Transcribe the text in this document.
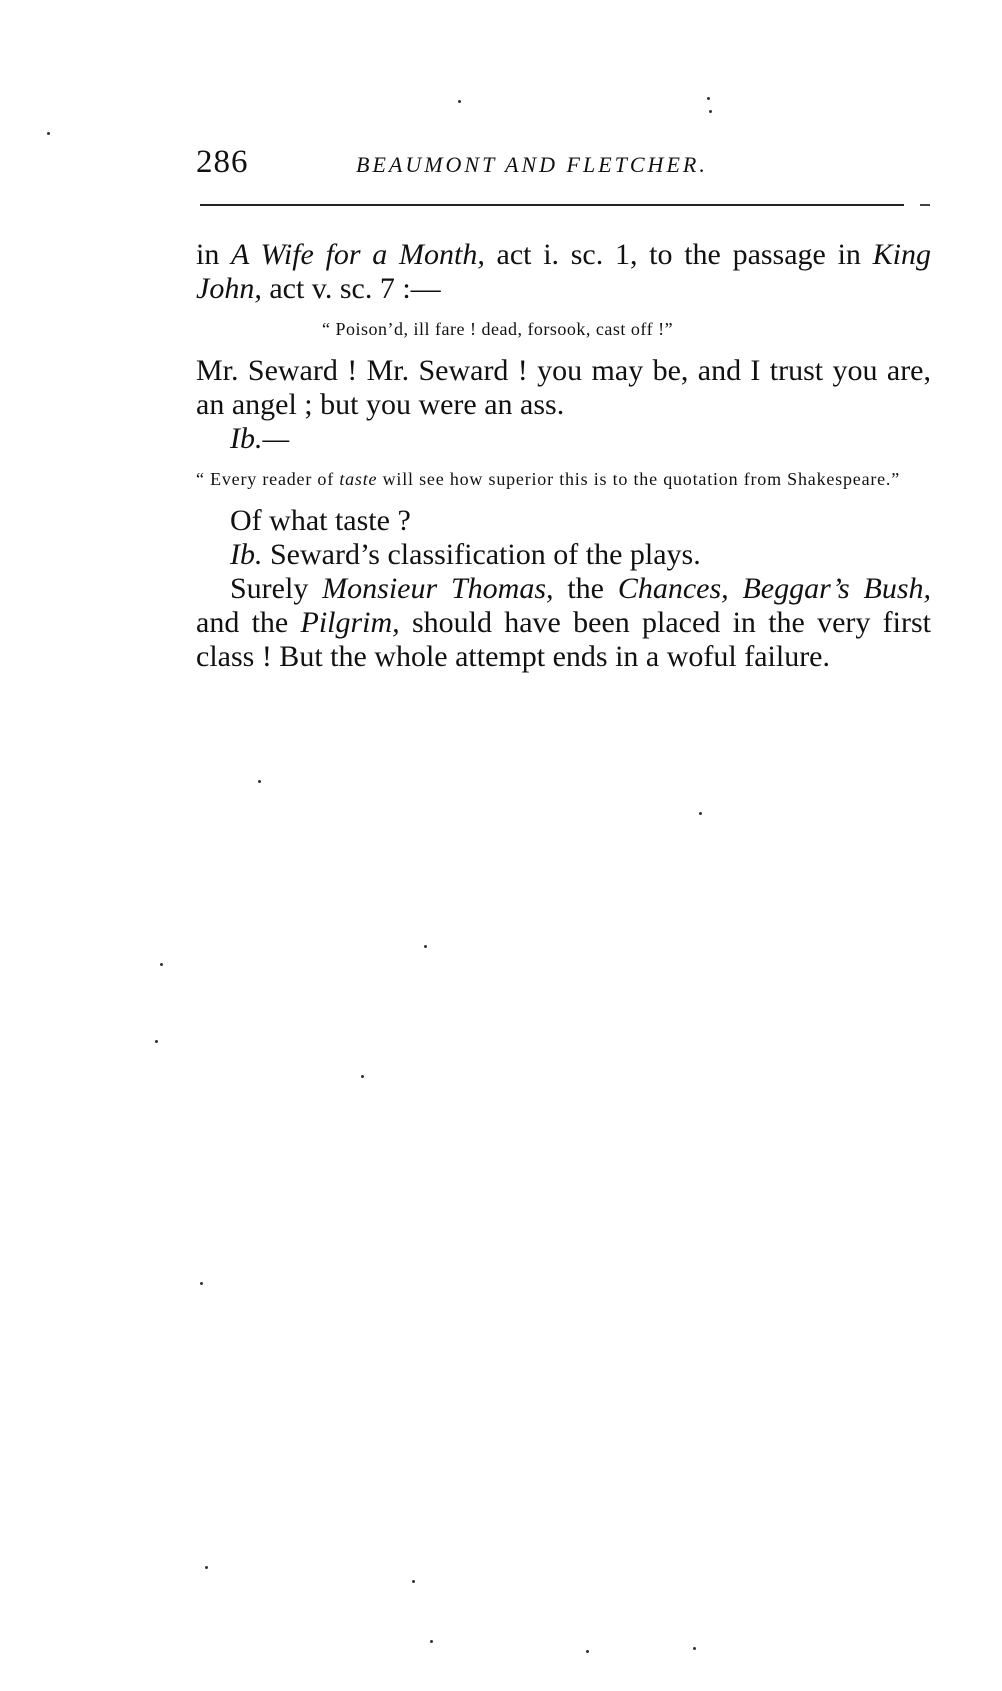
286	BEAUMONT AND FLETCHER.

in A Wife for a Month, act i. sc. 1, to the passage in King John, act v. sc. 7 :—

“ Poison’d, ill fare ! dead, forsook, cast off !”

Mr. Seward ! Mr. Seward ! you may be, and I trust you are, an angel ; but you were an ass.

Ib.—

“ Every reader of taste will see how superior this is to the quotation from Shakespeare.”

Of what taste ?

Ib. Seward’s classification of the plays.

Surely Monsieur Thomas, the Chances, Beggar’s Bush, and the Pilgrim, should have been placed in the very first class ! But the whole attempt ends in a woful failure.
